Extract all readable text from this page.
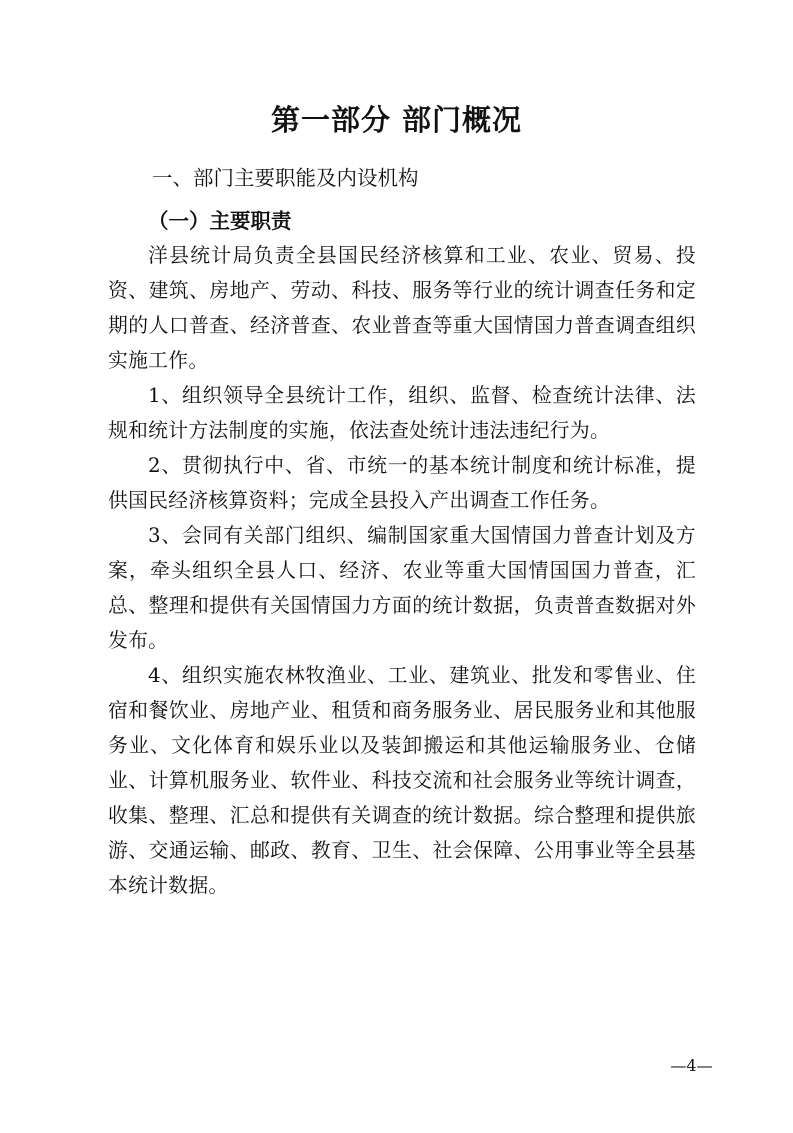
第一部分 部门概况
一、部门主要职能及内设机构
（一）主要职责

洋县统计局负责全县国民经济核算和工业、农业、贸易、投资、建筑、房地产、劳动、科技、服务等行业的统计调查任务和定期的人口普查、经济普查、农业普查等重大国情国力普查调查组织实施工作。

1、组织领导全县统计工作，组织、监督、检查统计法律、法规和统计方法制度的实施，依法查处统计违法违纪行为。

2、贯彻执行中、省、市统一的基本统计制度和统计标准，提供国民经济核算资料；完成全县投入产出调查工作任务。

3、会同有关部门组织、编制国家重大国情国力普查计划及方案，牵头组织全县人口、经济、农业等重大国情国国力普查，汇总、整理和提供有关国情国力方面的统计数据，负责普查数据对外发布。

4、组织实施农林牧渔业、工业、建筑业、批发和零售业、住宿和餐饮业、房地产业、租赁和商务服务业、居民服务业和其他服务业、文化体育和娱乐业以及装卸搬运和其他运输服务业、仓储业、计算机服务业、软件业、科技交流和社会服务业等统计调查，收集、整理、汇总和提供有关调查的统计数据。综合整理和提供旅游、交通运输、邮政、教育、卫生、社会保障、公用事业等全县基本统计数据。

—4—
